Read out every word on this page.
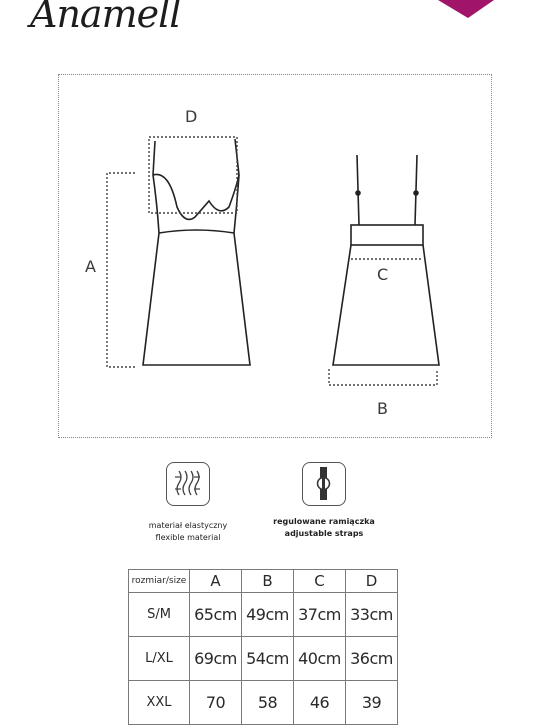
Anamell
D
A	C
B
materiał elastyczny
flexible material
regulowane ramiączka
adjustable straps
rozmiar/size	A	B	C	D
S/M	65cm	49cm	37cm	33cm
L/XL	69cm	54cm	40cm	36cm
XXL	70	58	46	39
